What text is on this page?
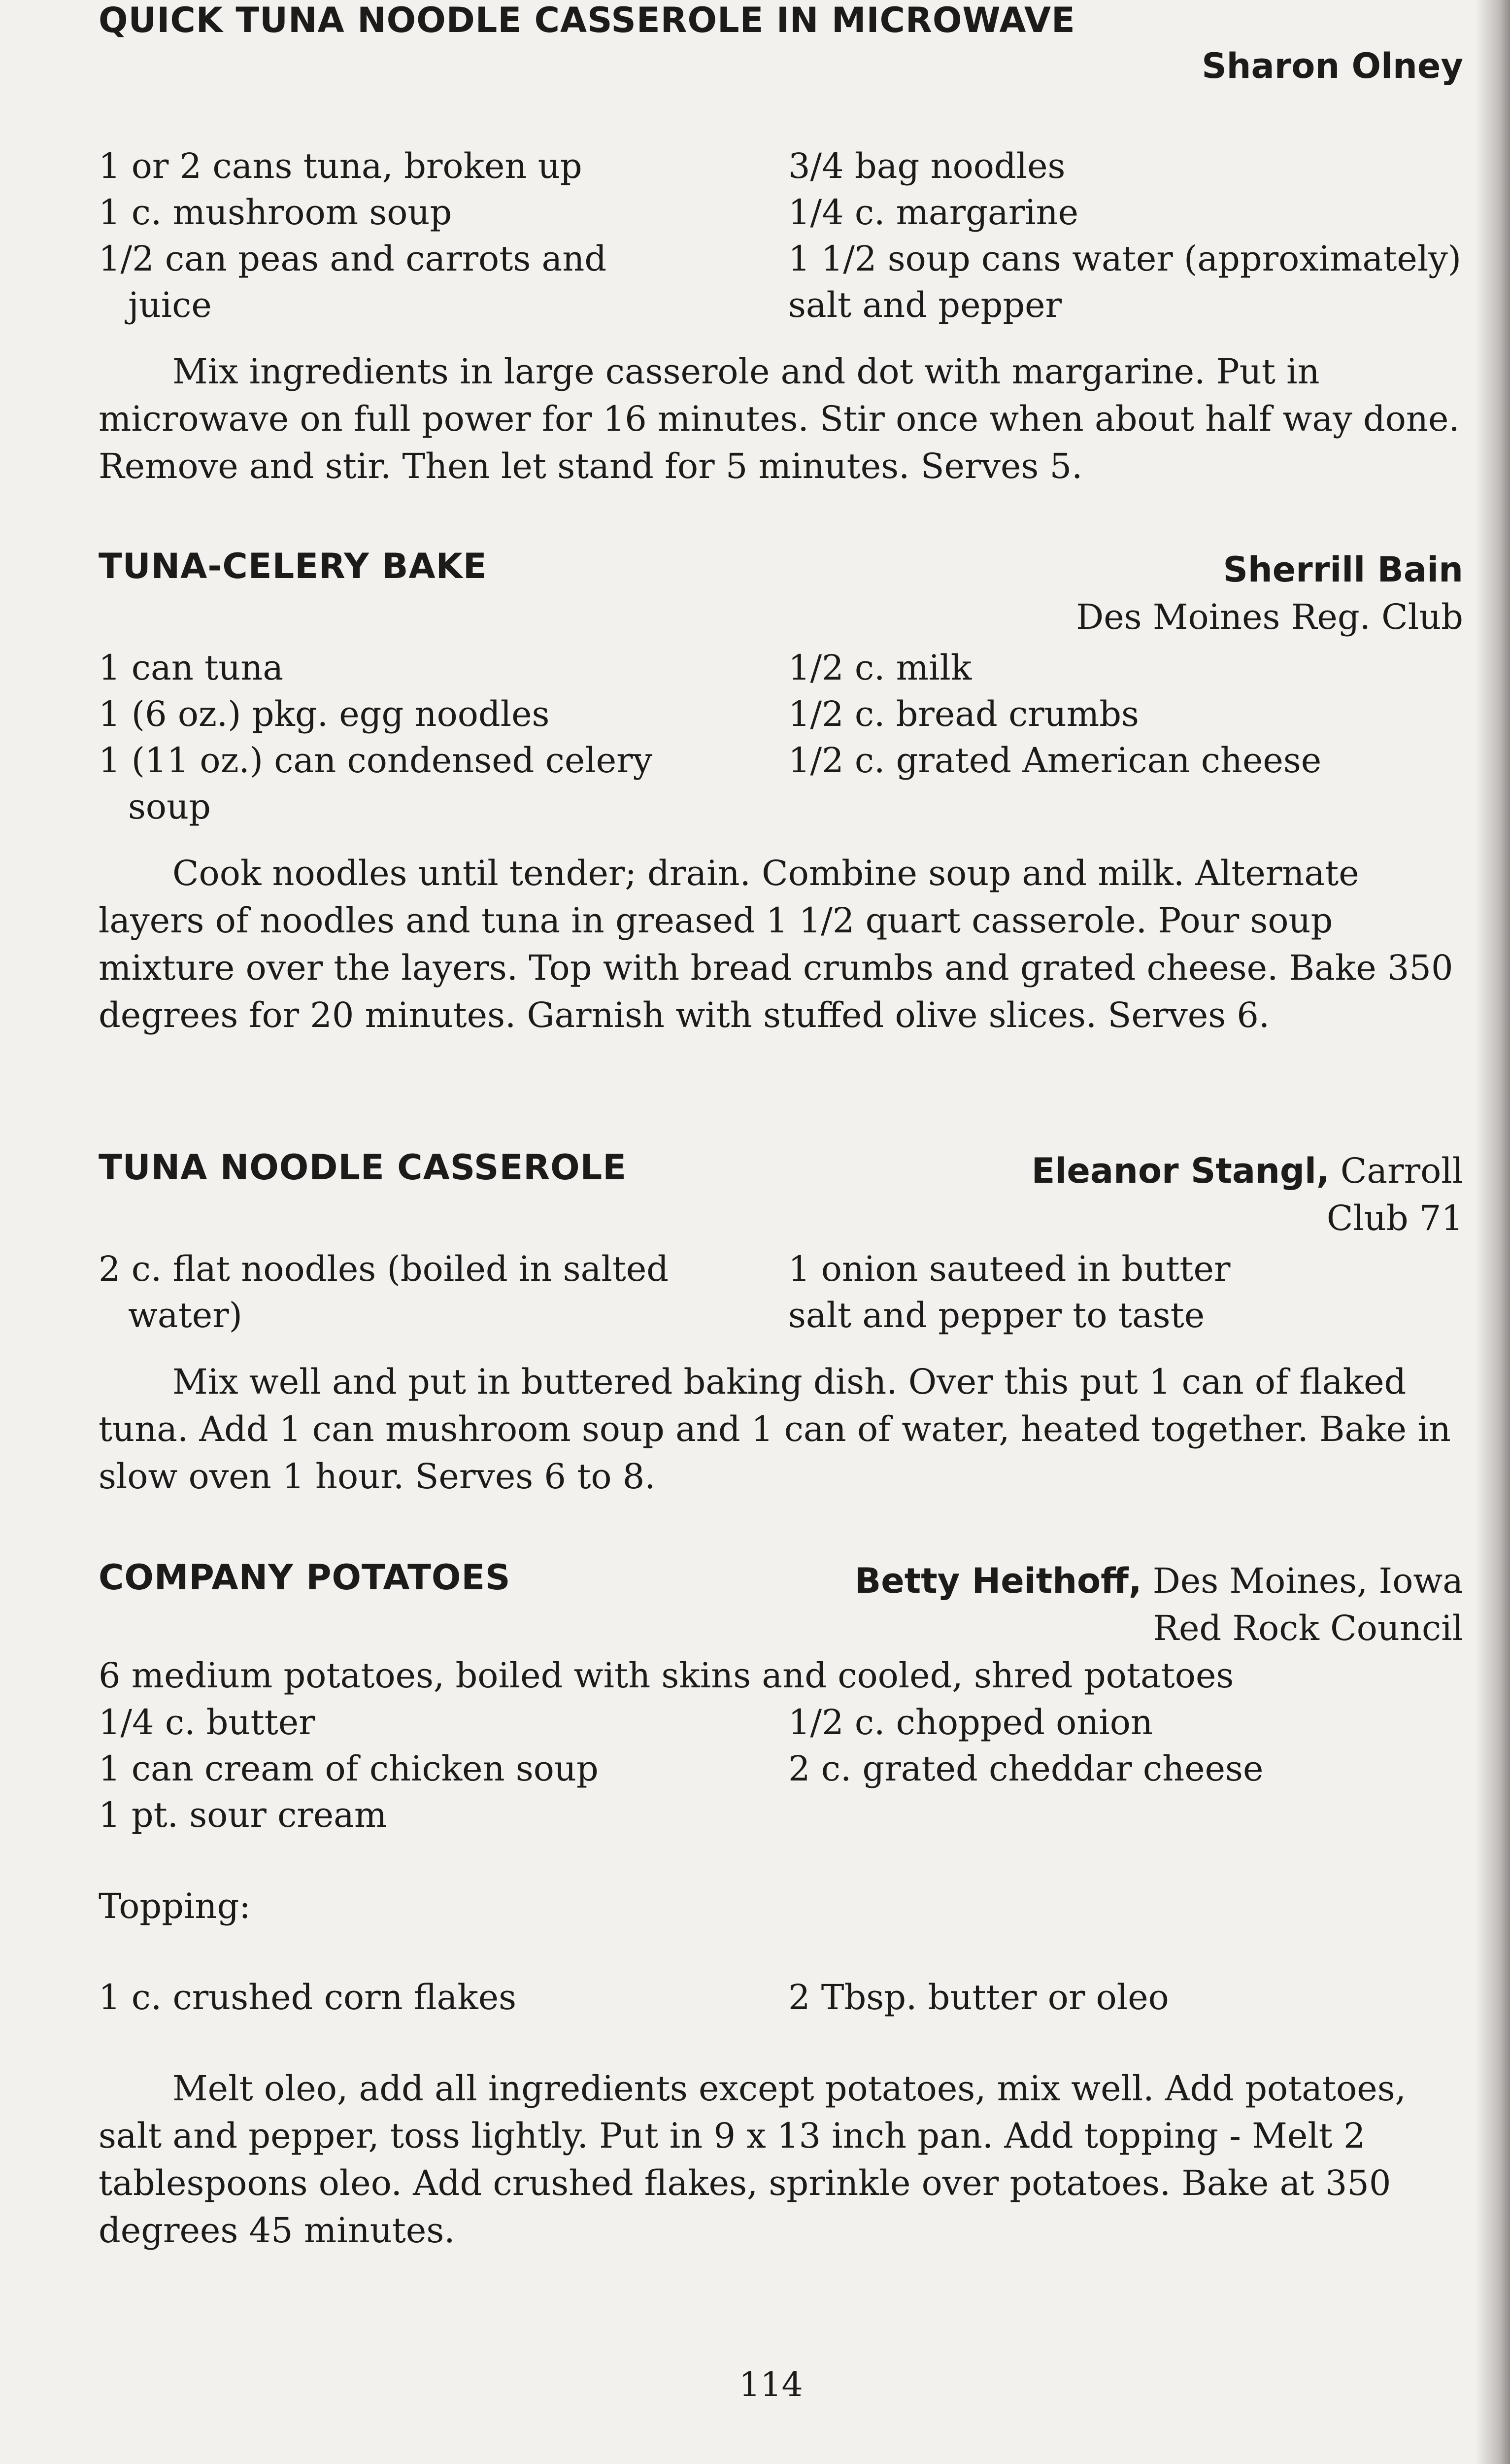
QUICK TUNA NOODLE CASSEROLE IN MICROWAVE
Sharon Olney
1 or 2 cans tuna, broken up
1 c. mushroom soup
1/2 can peas and carrots and juice
3/4 bag noodles
1/4 c. margarine
1 1/2 soup cans water (approximately)
salt and pepper
Mix ingredients in large casserole and dot with margarine. Put in microwave on full power for 16 minutes. Stir once when about half way done. Remove and stir. Then let stand for 5 minutes. Serves 5.
TUNA-CELERY BAKE	Sherrill Bain
Des Moines Reg. Club
1 can tuna
1 (6 oz.) pkg. egg noodles
1 (11 oz.) can condensed celery soup
1/2 c. milk
1/2 c. bread crumbs
1/2 c. grated American cheese
Cook noodles until tender; drain. Combine soup and milk. Alternate layers of noodles and tuna in greased 1 1/2 quart casserole. Pour soup mixture over the layers. Top with bread crumbs and grated cheese. Bake 350 degrees for 20 minutes. Garnish with stuffed olive slices. Serves 6.
TUNA NOODLE CASSEROLE	Eleanor Stangl, Carroll
Club 71
2 c. flat noodles (boiled in salted water)
1 onion sauteed in butter
salt and pepper to taste
Mix well and put in buttered baking dish. Over this put 1 can of flaked tuna. Add 1 can mushroom soup and 1 can of water, heated together. Bake in slow oven 1 hour. Serves 6 to 8.
COMPANY POTATOES	Betty Heithoff, Des Moines, Iowa
Red Rock Council
6 medium potatoes, boiled with skins and cooled, shred potatoes
1/4 c. butter
1 can cream of chicken soup
1 pt. sour cream
1/2 c. chopped onion
2 c. grated cheddar cheese
Topping:
1 c. crushed corn flakes	2 Tbsp. butter or oleo
Melt oleo, add all ingredients except potatoes, mix well. Add potatoes, salt and pepper, toss lightly. Put in 9 x 13 inch pan. Add topping - Melt 2 tablespoons oleo. Add crushed flakes, sprinkle over potatoes. Bake at 350 degrees 45 minutes.
114
